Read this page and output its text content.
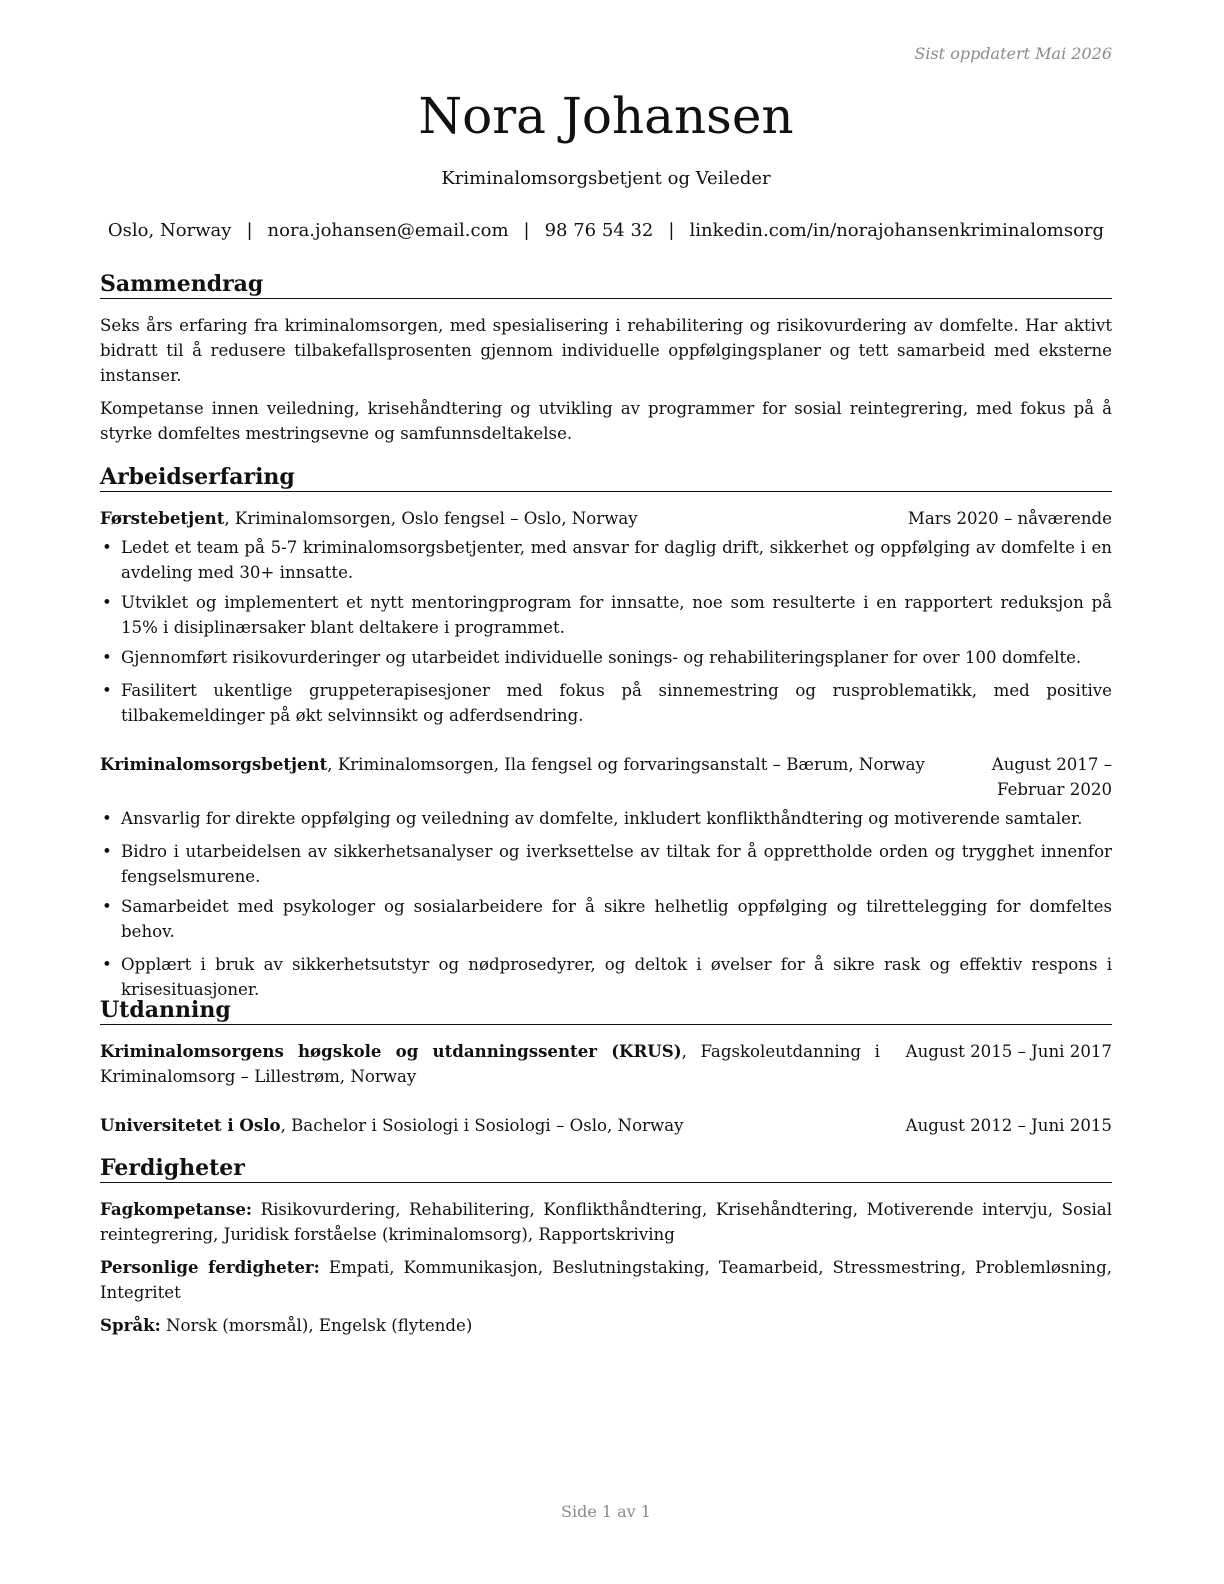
Sist oppdatert Mai 2026
Nora Johansen
Kriminalomsorgsbetjent og Veileder
Oslo, Norway | nora.johansen@email.com | 98 76 54 32 | linkedin.com/in/norajohansenkriminalomsorg
Sammendrag

Seks års erfaring fra kriminalomsorgen, med spesialisering i rehabilitering og risikovurdering av domfelte. Har aktivt bidratt til å redusere tilbakefallsprosenten gjennom individuelle oppfølgingsplaner og tett samarbeid med eksterne instanser.

Kompetanse innen veiledning, krisehåndtering og utvikling av programmer for sosial reintegrering, med fokus på å styrke domfeltes mestringsevne og samfunnsdeltakelse.

Arbeidserfaring
Førstebetjent, Kriminalomsorgen, Oslo fengsel – Oslo, Norway	Mars 2020 – nåværende
• Ledet et team på 5-7 kriminalomsorgsbetjenter, med ansvar for daglig drift, sikkerhet og oppfølging av domfelte i en avdeling med 30+ innsatte.
• Utviklet og implementert et nytt mentoringprogram for innsatte, noe som resulterte i en rapportert reduksjon på 15% i disiplinærsaker blant deltakere i programmet.
• Gjennomført risikovurderinger og utarbeidet individuelle sonings- og rehabiliteringsplaner for over 100 domfelte.
• Fasilitert ukentlige gruppeterapisesjoner med fokus på sinnemestring og rusproblematikk, med positive tilbakemeldinger på økt selvinnsikt og adferdsendring.
Kriminalomsorgsbetjent, Kriminalomsorgen, Ila fengsel og forvaringsanstalt – Bærum, Norway	August 2017 – Februar 2020
• Ansvarlig for direkte oppfølging og veiledning av domfelte, inkludert konflikthåndtering og motiverende samtaler.
• Bidro i utarbeidelsen av sikkerhetsanalyser og iverksettelse av tiltak for å opprettholde orden og trygghet innenfor fengselsmurene.
• Samarbeidet med psykologer og sosialarbeidere for å sikre helhetlig oppfølging og tilrettelegging for domfeltes behov.
• Opplært i bruk av sikkerhetsutstyr og nødprosedyrer, og deltok i øvelser for å sikre rask og effektiv respons i krisesituasjoner.
Utdanning
Kriminalomsorgens høgskole og utdanningssenter (KRUS), Fagskoleutdanning i Kriminalomsorg – Lillestrøm, Norway
August 2015 – Juni 2017
Universitetet i Oslo, Bachelor i Sosiologi i Sosiologi – Oslo, Norway	August 2012 – Juni 2015
Ferdigheter

Fagkompetanse: Risikovurdering, Rehabilitering, Konflikthåndtering, Krisehåndtering, Motiverende intervju, Sosial reintegrering, Juridisk forståelse (kriminalomsorg), Rapportskriving

Personlige ferdigheter: Empati, Kommunikasjon, Beslutningstaking, Teamarbeid, Stressmestring, Problemløsning, Integritet

Språk: Norsk (morsmål), Engelsk (flytende)

Side 1 av 1
